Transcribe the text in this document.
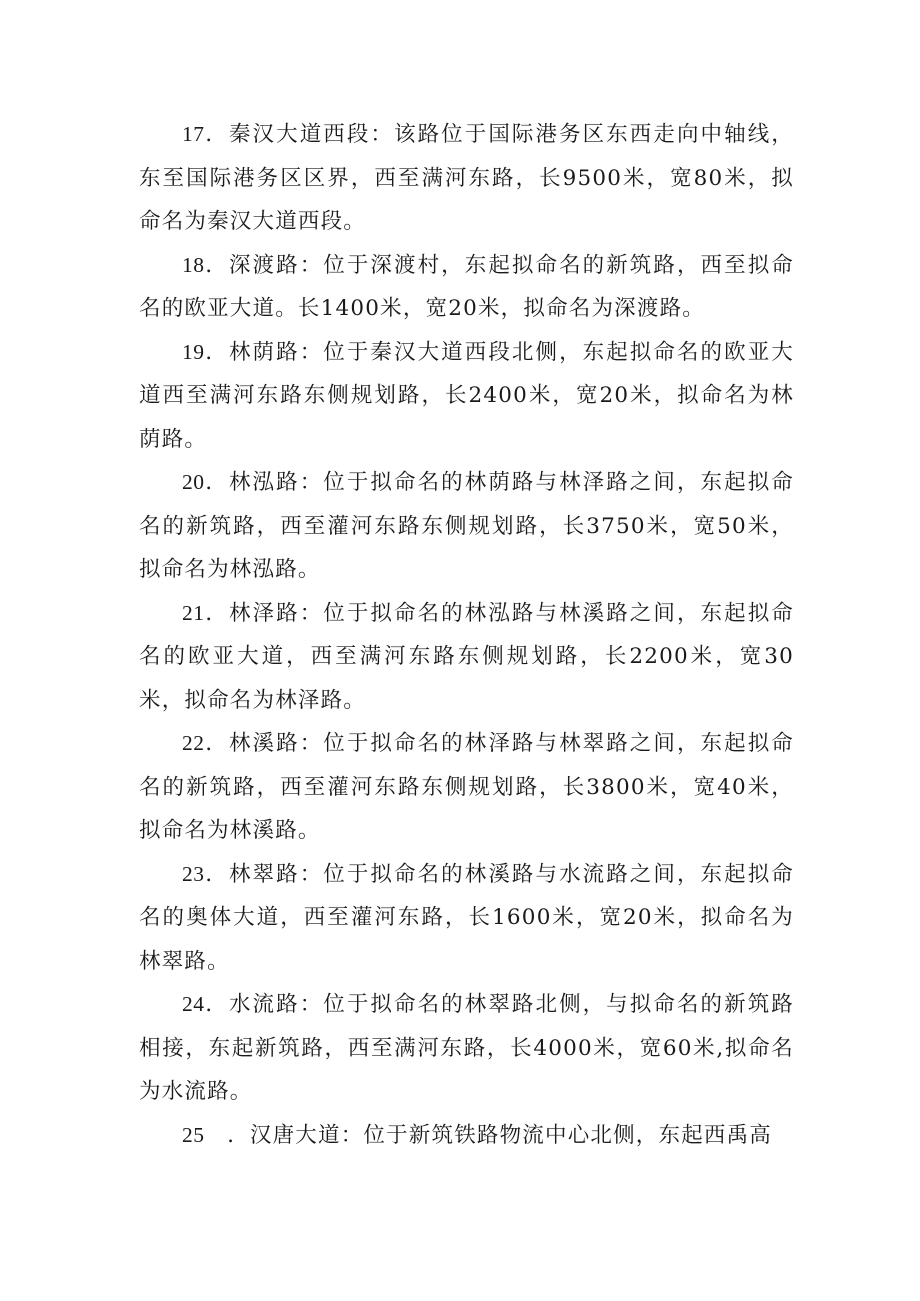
17．秦汉大道西段：该路位于国际港务区东西走向中轴线，东至国际港务区区界，西至满河东路，长9500米，宽80米，拟命名为秦汉大道西段。

18．深渡路：位于深渡村，东起拟命名的新筑路，西至拟命名的欧亚大道。长1400米，宽20米，拟命名为深渡路。

19．林荫路：位于秦汉大道西段北侧，东起拟命名的欧亚大道西至满河东路东侧规划路，长2400米，宽20米，拟命名为林荫路。

20．林泓路：位于拟命名的林荫路与林泽路之间，东起拟命名的新筑路，西至灌河东路东侧规划路，长3750米，宽50米，拟命名为林泓路。

21．林泽路：位于拟命名的林泓路与林溪路之间，东起拟命名的欧亚大道，西至满河东路东侧规划路，长2200米，宽30米，拟命名为林泽路。

22．林溪路：位于拟命名的林泽路与林翠路之间，东起拟命名的新筑路，西至灌河东路东侧规划路，长3800米，宽40米，拟命名为林溪路。

23．林翠路：位于拟命名的林溪路与水流路之间，东起拟命名的奥体大道，西至灌河东路，长1600米，宽20米，拟命名为林翠路。

24．水流路：位于拟命名的林翠路北侧，与拟命名的新筑路相接，东起新筑路，西至满河东路，长4000米，宽60米,拟命名为水流路。

25　．汉唐大道：位于新筑铁路物流中心北侧，东起西禹高
